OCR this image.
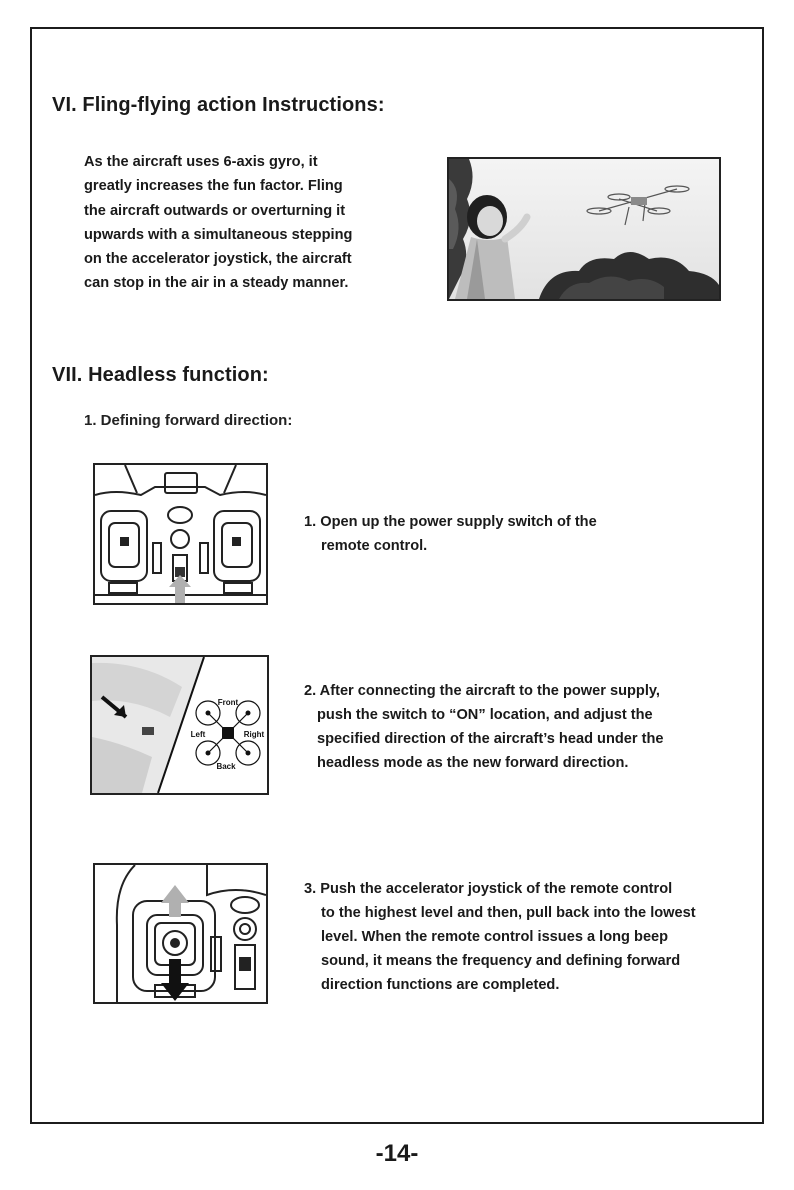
VI. Fling-flying action Instructions:
As the aircraft uses 6-axis gyro, it
greatly increases the fun factor. Fling
the aircraft outwards or overturning it
upwards with a simultaneous stepping
on the accelerator joystick, the aircraft
can stop in the air in a steady manner.
VII. Headless function:
1. Defining forward direction:
1. Open up the power supply switch of the
remote control.
Front
Left	Right
Back
2. After connecting the aircraft to the power supply,
push the switch to “ON” location, and adjust the
specified direction of the aircraft’s head under the
headless mode as the new forward direction.
3. Push the accelerator joystick of the remote control
to the highest level and then, pull back into the lowest
level. When the remote control issues a long beep
sound, it means the frequency and defining forward
direction functions are completed.
-14-
